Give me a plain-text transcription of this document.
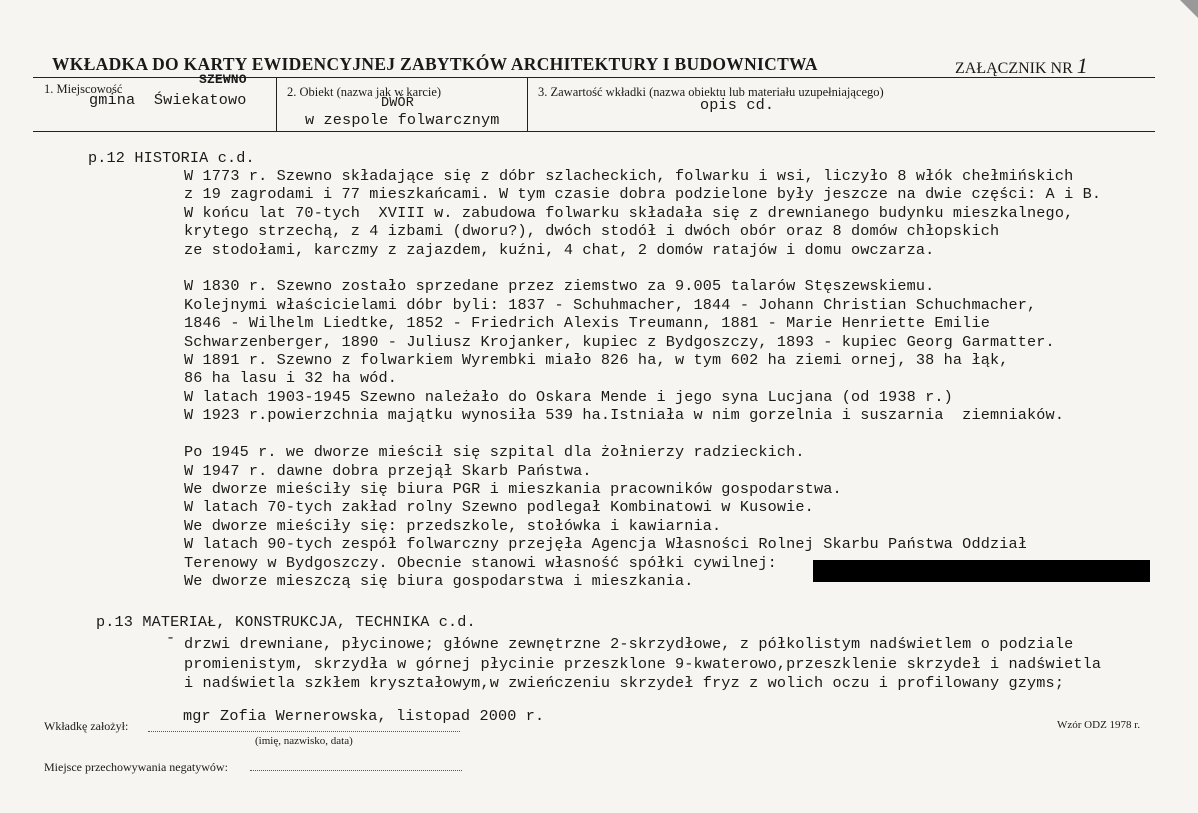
WKŁADKA DO KARTY EWIDENCYJNEJ ZABYTKÓW ARCHITEKTURY I BUDOWNICTWA	ZAŁĄCZNIK NR 1
1. Miejscowość
SZEWNO
gmina  Świekatowo	2. Obiekt (nazwa jak w karcie)
DWÓR
w zespole folwarcznym
3. Zawartość wkładki (nazwa obiektu lub materiału uzupełniającego)
opis cd.
p.12 HISTORIA c.d.
W 1773 r. Szewno składające się z dóbr szlacheckich, folwarku i wsi, liczyło 8 włók chełmińskich
z 19 zagrodami i 77 mieszkańcami. W tym czasie dobra podzielone były jeszcze na dwie części: A i B.
W końcu lat 70-tych  XVIII w. zabudowa folwarku składała się z drewnianego budynku mieszkalnego,
krytego strzechą, z 4 izbami (dworu?), dwóch stodół i dwóch obór oraz 8 domów chłopskich
ze stodołami, karczmy z zajazdem, kuźni, 4 chat, 2 domów ratajów i domu owczarza.
W 1830 r. Szewno zostało sprzedane przez ziemstwo za 9.005 talarów Stęszewskiemu.
Kolejnymi właścicielami dóbr byli: 1837 - Schuhmacher, 1844 - Johann Christian Schuchmacher,
1846 - Wilhelm Liedtke, 1852 - Friedrich Alexis Treumann, 1881 - Marie Henriette Emilie
Schwarzenberger, 1890 - Juliusz Krojanker, kupiec z Bydgoszczy, 1893 - kupiec Georg Garmatter.
W 1891 r. Szewno z folwarkiem Wyrembki miało 826 ha, w tym 602 ha ziemi ornej, 38 ha łąk,
86 ha lasu i 32 ha wód.
W latach 1903-1945 Szewno należało do Oskara Mende i jego syna Lucjana (od 1938 r.)
W 1923 r.powierzchnia majątku wynosiła 539 ha.Istniała w nim gorzelnia i suszarnia  ziemniaków.
Po 1945 r. we dworze mieścił się szpital dla żołnierzy radzieckich.
W 1947 r. dawne dobra przejął Skarb Państwa.
We dworze mieściły się biura PGR i mieszkania pracowników gospodarstwa.
W latach 70-tych zakład rolny Szewno podlegał Kombinatowi w Kusowie.
We dworze mieściły się: przedszkole, stołówka i kawiarnia.
W latach 90-tych zespół folwarczny przejęła Agencja Własności Rolnej Skarbu Państwa Oddział
Terenowy w Bydgoszczy. Obecnie stanowi własność spółki cywilnej:
We dworze mieszczą się biura gospodarstwa i mieszkania.
p.13 MATERIAŁ, KONSTRUKCJA, TECHNIKA c.d.
- drzwi drewniane, płycinowe; główne zewnętrzne 2-skrzydłowe, z półkolistym nadświetlem o podziale
promienistym, skrzydła w górnej płycinie przeszklone 9-kwaterowo,przeszklenie skrzydeł i nadświetla
i nadświetla szkłem kryształowym,w zwieńczeniu skrzydeł fryz z wolich oczu i profilowany gzyms;
Wkładkę założył:
mgr Zofia Wernerowska, listopad 2000 r.
(imię, nazwisko, data)
Wzór ODZ 1978 r.
Miejsce przechowywania negatywów:
